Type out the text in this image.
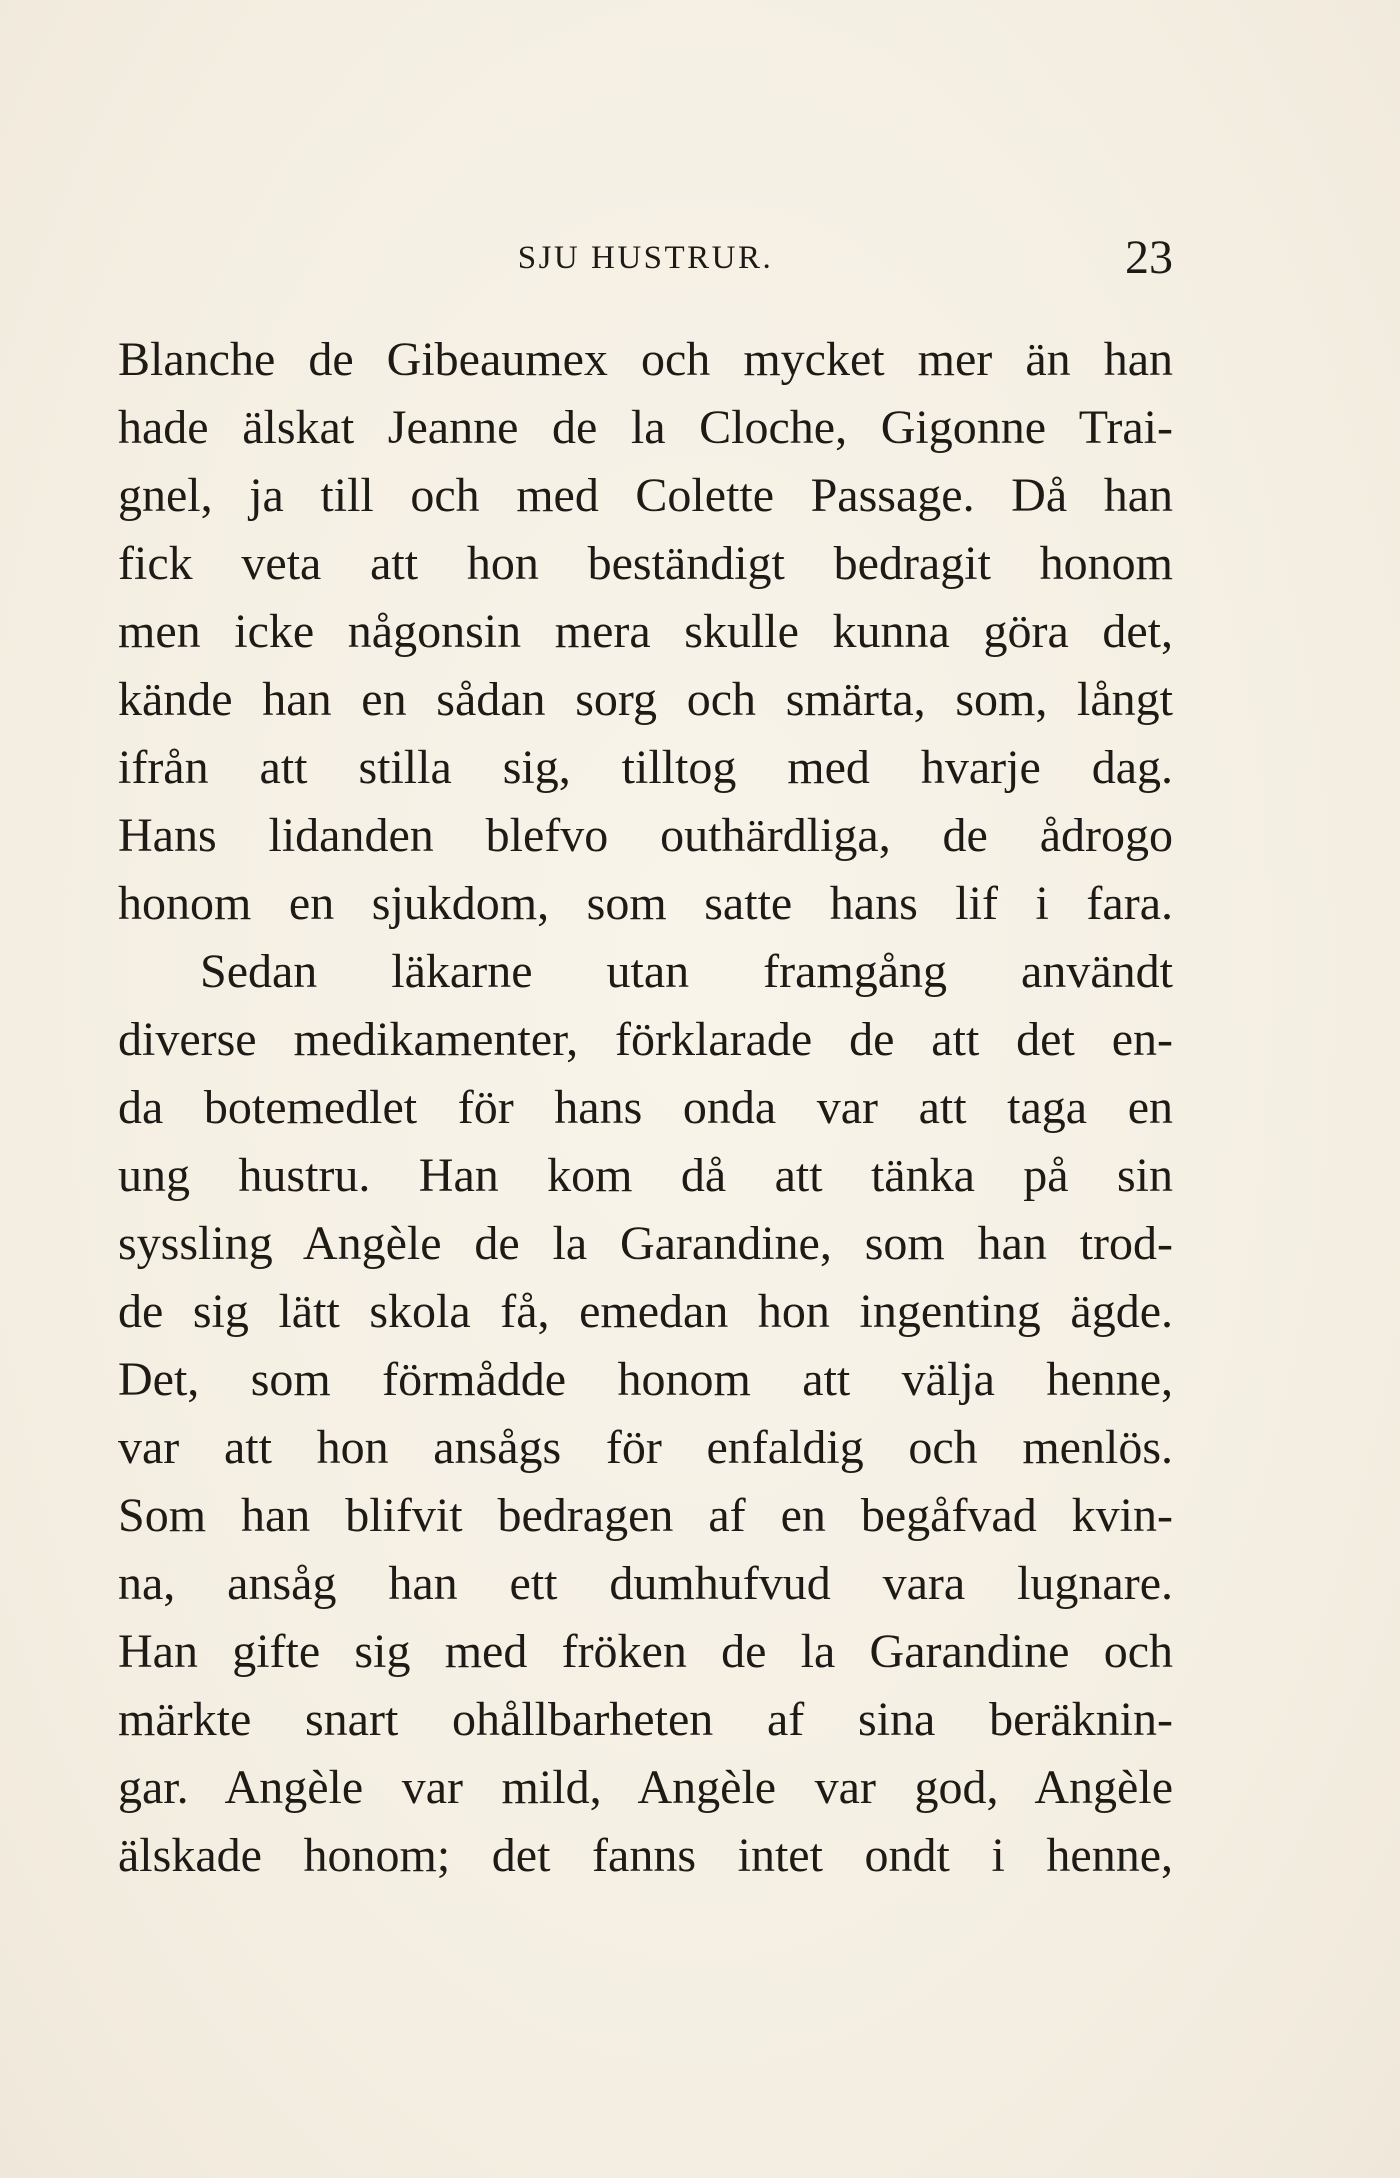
SJU HUSTRUR.	23
Blanche de Gibeaumex och mycket mer än han
hade älskat Jeanne de la Cloche, Gigonne Trai-
gnel, ja till och med Colette Passage. Då han
fick veta att hon beständigt bedragit honom
men icke någonsin mera skulle kunna göra det,
kände han en sådan sorg och smärta, som, långt
ifrån att stilla sig, tilltog med hvarje dag.
Hans lidanden blefvo outhärdliga, de ådrogo
honom en sjukdom, som satte hans lif i fara.
Sedan läkarne utan framgång användt
diverse medikamenter, förklarade de att det en-
da botemedlet för hans onda var att taga en
ung hustru. Han kom då att tänka på sin
syssling Angèle de la Garandine, som han trod-
de sig lätt skola få, emedan hon ingenting ägde.
Det, som förmådde honom att välja henne,
var att hon ansågs för enfaldig och menlös.
Som han blifvit bedragen af en begåfvad kvin-
na, ansåg han ett dumhufvud vara lugnare.
Han gifte sig med fröken de la Garandine och
märkte snart ohållbarheten af sina beräknin-
gar. Angèle var mild, Angèle var god, Angèle
älskade honom; det fanns intet ondt i henne,
